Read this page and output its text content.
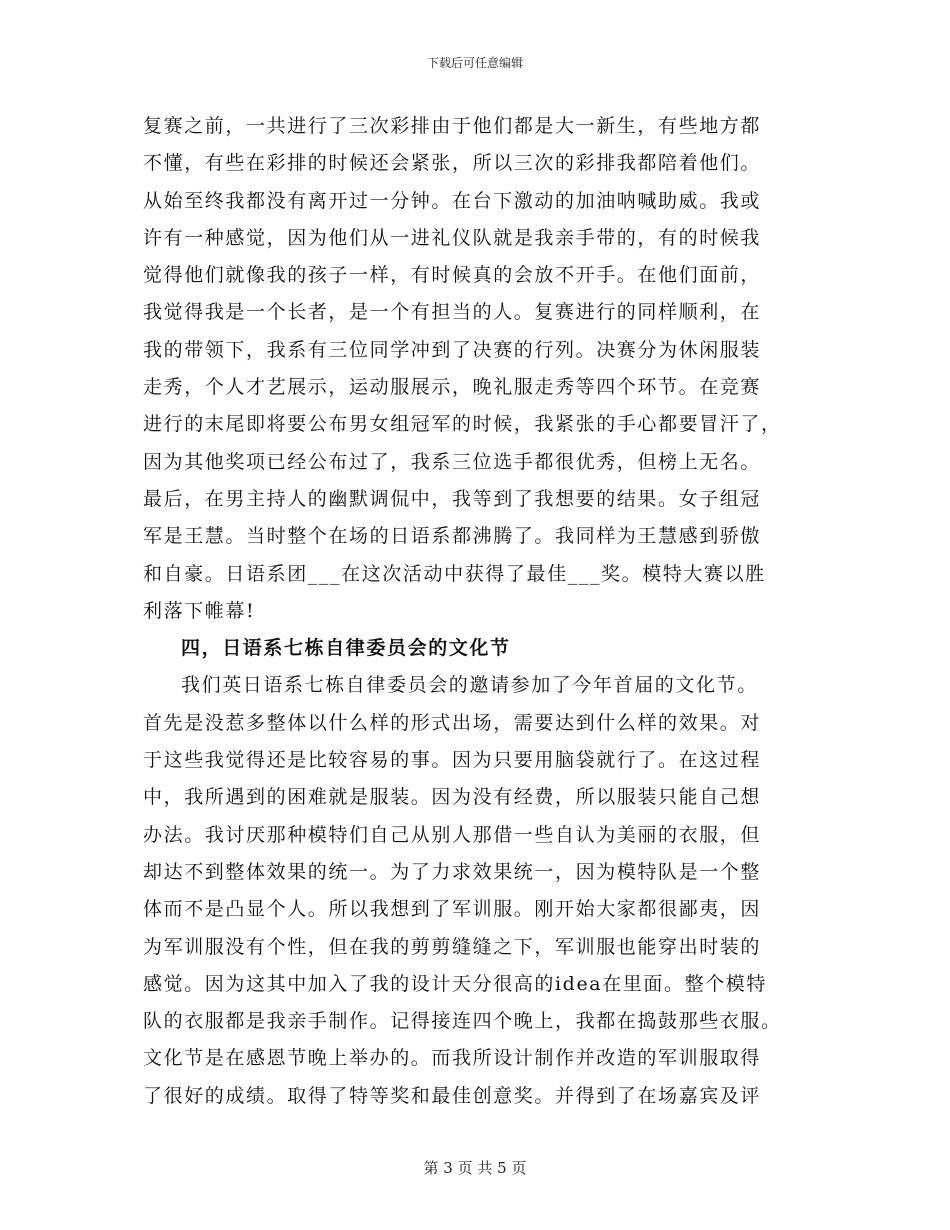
下载后可任意编辑
复赛之前，一共进行了三次彩排由于他们都是大一新生，有些地方都
不懂，有些在彩排的时候还会紧张，所以三次的彩排我都陪着他们。
从始至终我都没有离开过一分钟。在台下激动的加油呐喊助威。我或
许有一种感觉，因为他们从一进礼仪队就是我亲手带的，有的时候我
觉得他们就像我的孩子一样，有时候真的会放不开手。在他们面前，
我觉得我是一个长者，是一个有担当的人。复赛进行的同样顺利，在
我的带领下，我系有三位同学冲到了决赛的行列。决赛分为休闲服装
走秀，个人才艺展示，运动服展示，晚礼服走秀等四个环节。在竞赛
进行的末尾即将要公布男女组冠军的时候，我紧张的手心都要冒汗了，
因为其他奖项已经公布过了，我系三位选手都很优秀，但榜上无名。
最后，在男主持人的幽默调侃中，我等到了我想要的结果。女子组冠
军是王慧。当时整个在场的日语系都沸腾了。我同样为王慧感到骄傲
和自豪。日语系团___在这次活动中获得了最佳___奖。模特大赛以胜
利落下帷幕!
四，日语系七栋自律委员会的文化节
我们英日语系七栋自律委员会的邀请参加了今年首届的文化节。
首先是没惹多整体以什么样的形式出场，需要达到什么样的效果。对
于这些我觉得还是比较容易的事。因为只要用脑袋就行了。在这过程
中，我所遇到的困难就是服装。因为没有经费，所以服装只能自己想
办法。我讨厌那种模特们自己从别人那借一些自认为美丽的衣服，但
却达不到整体效果的统一。为了力求效果统一，因为模特队是一个整
体而不是凸显个人。所以我想到了军训服。刚开始大家都很鄙夷，因
为军训服没有个性，但在我的剪剪缝缝之下，军训服也能穿出时装的
感觉。因为这其中加入了我的设计天分很高的idea在里面。整个模特
队的衣服都是我亲手制作。记得接连四个晚上，我都在捣鼓那些衣服。
文化节是在感恩节晚上举办的。而我所设计制作并改造的军训服取得
了很好的成绩。取得了特等奖和最佳创意奖。并得到了在场嘉宾及评
第 3 页 共 5 页
